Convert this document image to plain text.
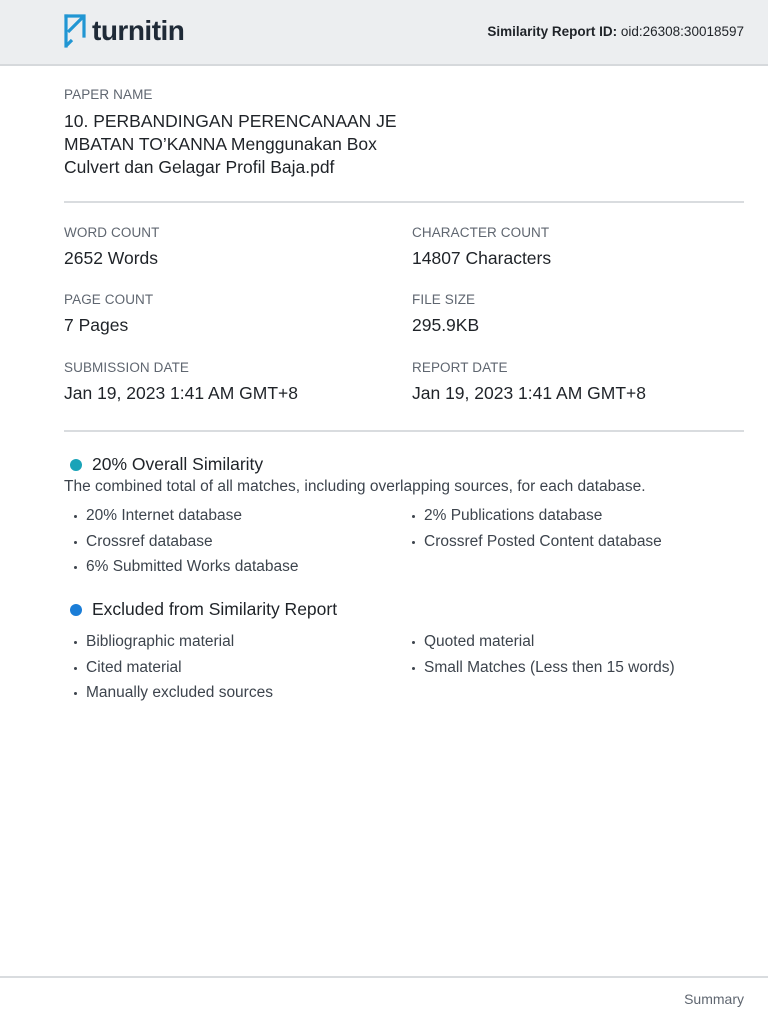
turnitin	Similarity Report ID: oid:26308:30018597
PAPER NAME
10. PERBANDINGAN PERENCANAAN JE MBATAN TO’KANNA Menggunakan Box Culvert dan Gelagar Profil Baja.pdf
WORD COUNT
2652 Words
CHARACTER COUNT
14807 Characters
PAGE COUNT
7 Pages
FILE SIZE
295.9KB
SUBMISSION DATE
Jan 19, 2023 1:41 AM GMT+8
REPORT DATE
Jan 19, 2023 1:41 AM GMT+8
20% Overall Similarity
The combined total of all matches, including overlapping sources, for each database.
20% Internet database
Crossref database
6% Submitted Works database
2% Publications database
Crossref Posted Content database
Excluded from Similarity Report
Bibliographic material
Cited material
Manually excluded sources
Quoted material
Small Matches (Less then 15 words)
Summary
